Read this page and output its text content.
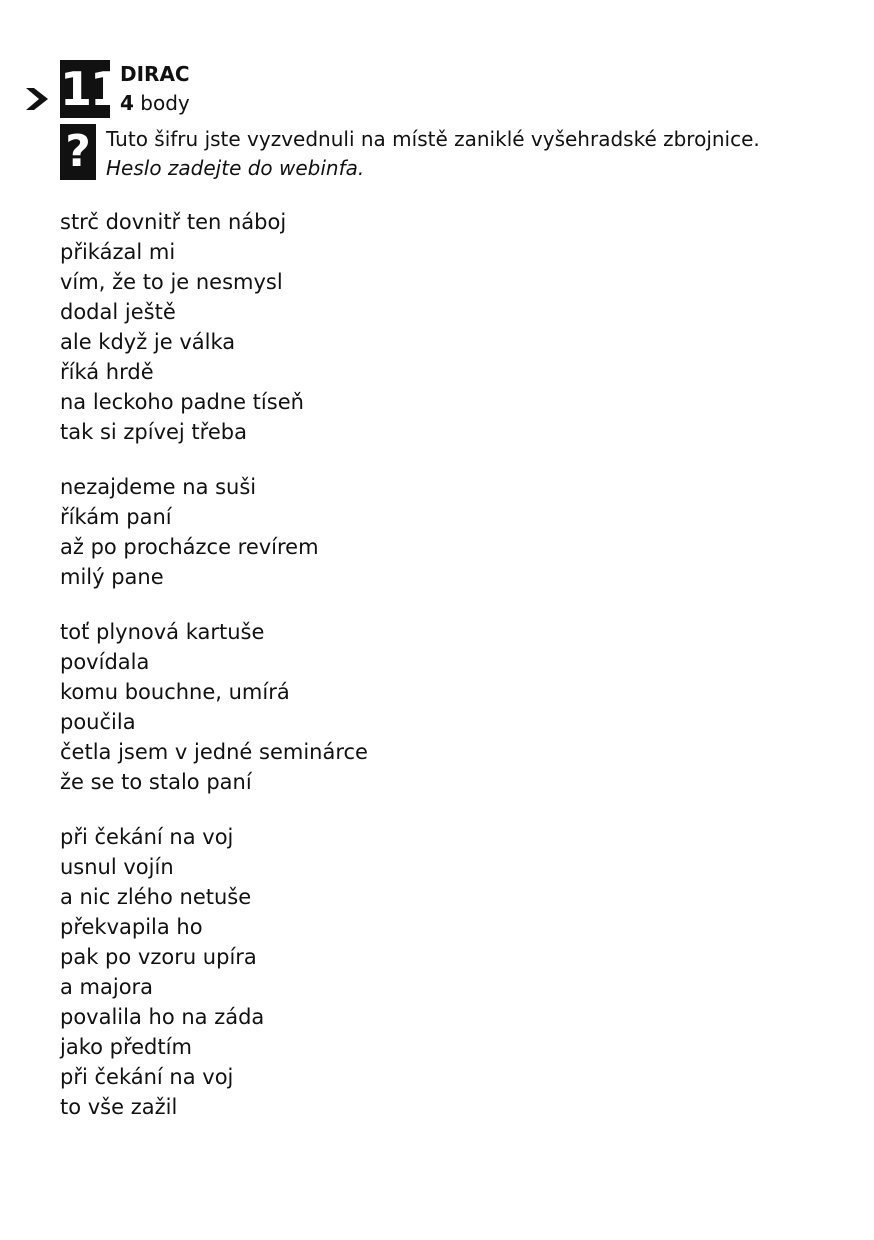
11
?
DIRAC
4 body
Tuto šifru jste vyzvednuli na místě zaniklé vyšehradské zbrojnice.
Heslo zadejte do webinfa.
strč dovnitř ten náboj
přikázal mi
vím, že to je nesmysl
dodal ještě
ale když je válka
říká hrdě
na leckoho padne tíseň
tak si zpívej třeba
nezajdeme na suši
říkám paní
až po procházce revírem
milý pane
toť plynová kartuše
povídala
komu bouchne, umírá
poučila
četla jsem v jedné seminárce
že se to stalo paní
při čekání na voj
usnul vojín
a nic zlého netuše
překvapila ho
pak po vzoru upíra
a majora
povalila ho na záda
jako předtím
při čekání na voj
to vše zažil
